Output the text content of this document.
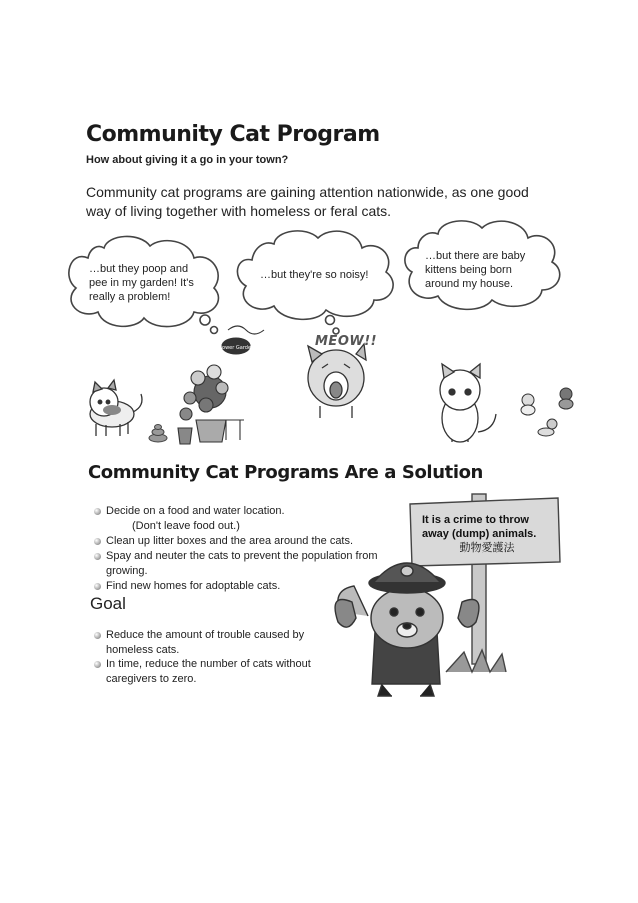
Flower Garden
Community Cat Program
How about giving it a go in your town?
Community cat programs are gaining attention nationwide, as one good way of living together with homeless or feral cats.
…but they poop and
pee in my garden! It's
really a problem!
…but they're so noisy!
…but there are baby
kittens being born
around my house.
MEOW!!
Community Cat Programs Are a Solution
Decide on a food and water location.
(Don't leave food out.)
Clean up litter boxes and the area around the cats.
Spay and neuter the cats to prevent the population from growing.
Find new homes for adoptable cats.
Goal
Reduce the amount of trouble caused by homeless cats.
In time, reduce the number of cats without caregivers to zero.
It is a crime to throw
away (dump) animals.
動物愛護法
